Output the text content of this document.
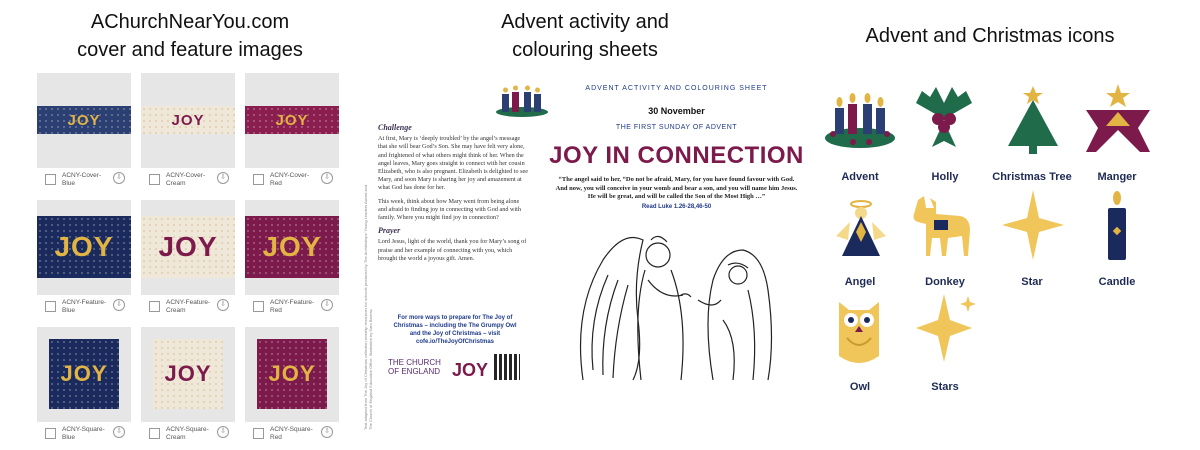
AChurchNearYou.com
cover and feature images
Advent activity and
colouring sheets
Advent and Christmas icons
JOY
ACNY-Cover-Blue
⇩
JOY
ACNY-Cover-Cream
⇩
JOY
ACNY-Cover-Red
⇩
JOY
ACNY-Feature-Blue
⇩
JOY
ACNY-Feature-Cream
⇩
JOY
ACNY-Feature-Red
⇩
JOY
ACNY-Square-Blue
⇩
JOY
ACNY-Square-Cream
⇩
JOY
ACNY-Square-Red
⇩
Text adapted from The Joy of Christmas collection worship resources for schools produced by The Archbishops’ Young Leaders Award and The Church of England Education Office. Illustration by Sam Barrow.
Challenge

At first, Mary is ‘deeply troubled’ by the angel’s message that she will bear God’s Son. She may have felt very alone, and frightened of what others might think of her. When the angel leaves, Mary goes straight to connect with her cousin Elizabeth, who is also pregnant. Elizabeth is delighted to see Mary, and soon Mary is sharing her joy and amazement at what God has done for her.

This week, think about how Mary went from being alone and afraid to finding joy in connecting with God and with family. Where you might find joy in connection?

Prayer

Lord Jesus, light of the world, thank you for Mary’s song of praise and her example of connecting with you, which brought the world a joyous gift. Amen.

For more ways to prepare for The Joy of Christmas – including the The Grumpy Owl and the Joy of Christmas – visit cofe.io/TheJoyOfChristmas
THE CHURCH
OF ENGLAND JOY
ADVENT ACTIVITY AND COLOURING SHEET
30 November
THE FIRST SUNDAY OF ADVENT
JOY IN CONNECTION
“The angel said to her, “Do not be afraid, Mary, for you have found favour with God. And now, you will conceive in your womb and bear a son, and you will name him Jesus. He will be great, and will be called the Son of the Most High …”
Read Luke 1.26-28,46-50
Advent	Holly	Christmas Tree	Manger
Angel	Donkey	Star	Candle
Owl	Stars
